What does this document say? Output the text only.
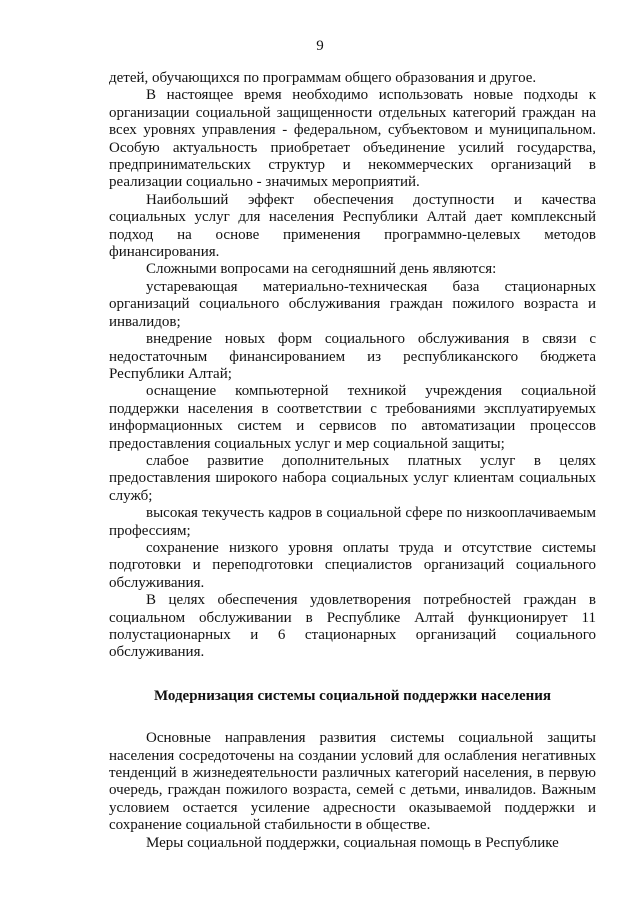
9

детей, обучающихся по программам общего образования и другое.

В настоящее время необходимо использовать новые подходы к организации социальной защищенности отдельных категорий граждан на всех уровнях управления - федеральном, субъектовом и муниципальном. Особую актуальность приобретает объединение усилий государства, предпринимательских структур и некоммерческих организаций в реализации социально - значимых мероприятий.

Наибольший эффект обеспечения доступности и качества социальных услуг для населения Республики Алтай дает комплексный подход на основе применения программно-целевых методов финансирования.

Сложными вопросами на сегодняшний день являются:

устаревающая материально-техническая база стационарных организаций социального обслуживания граждан пожилого возраста и инвалидов;

внедрение новых форм социального обслуживания в связи с недостаточным финансированием из республиканского бюджета Республики Алтай;

оснащение компьютерной техникой учреждения социальной поддержки населения в соответствии с требованиями эксплуатируемых информационных систем и сервисов по автоматизации процессов предоставления социальных услуг и мер социальной защиты;

слабое развитие дополнительных платных услуг в целях предоставления широкого набора социальных услуг клиентам социальных служб;

высокая текучесть кадров в социальной сфере по низкооплачиваемым профессиям;

сохранение низкого уровня оплаты труда и отсутствие системы подготовки и переподготовки специалистов организаций социального обслуживания.

В целях обеспечения удовлетворения потребностей граждан в социальном обслуживании в Республике Алтай функционирует 11 полустационарных и 6 стационарных организаций социального обслуживания.

Модернизация системы социальной поддержки населения

Основные направления развития системы социальной защиты населения сосредоточены на создании условий для ослабления негативных тенденций в жизнедеятельности различных категорий населения, в первую очередь, граждан пожилого возраста, семей с детьми, инвалидов. Важным условием остается усиление адресности оказываемой поддержки и сохранение социальной стабильности в обществе.

Меры социальной поддержки, социальная помощь в Республике
